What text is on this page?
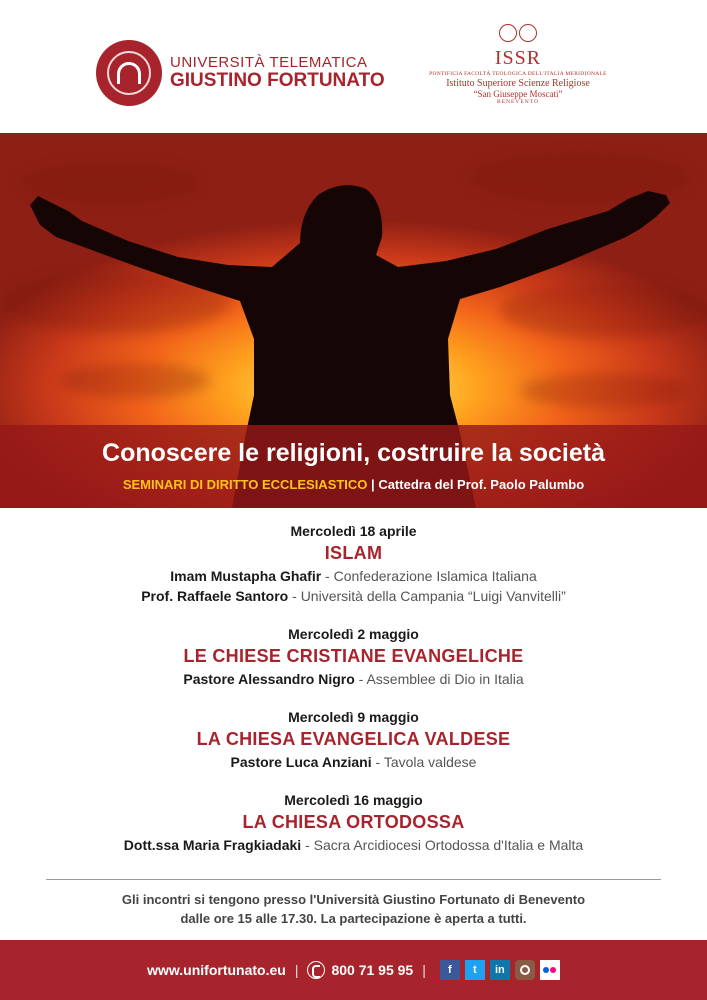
UNIVERSITÀ TELEMATICA
GIUSTINO FORTUNATO
ISSR
PONTIFICIA FACOLTÀ TEOLOGICA DELL'ITALIA MERIDIONALE
Istituto Superiore Scienze Religiose
“San Giuseppe Moscati”
BENEVENTO
Conoscere le religioni, costruire la società
SEMINARI DI DIRITTO ECCLESIASTICO | Cattedra del Prof. Paolo Palumbo
Mercoledì 18 aprile
ISLAM
Imam Mustapha Ghafir - Confederazione Islamica Italiana
Prof. Raffaele Santoro - Università della Campania “Luigi Vanvitelli”
Mercoledì 2 maggio
LE CHIESE CRISTIANE EVANGELICHE
Pastore Alessandro Nigro - Assemblee di Dio in Italia
Mercoledì 9 maggio
LA CHIESA EVANGELICA VALDESE
Pastore Luca Anziani - Tavola valdese
Mercoledì 16 maggio
LA CHIESA ORTODOSSA
Dott.ssa Maria Fragkiadaki - Sacra Arcidiocesi Ortodossa d'Italia e Malta
Gli incontri si tengono presso l'Università Giustino Fortunato di Benevento
dalle ore 15 alle 17.30. La partecipazione è aperta a tutti.
www.unifortunato.eu | 800 71 95 95 |	f	t	in
